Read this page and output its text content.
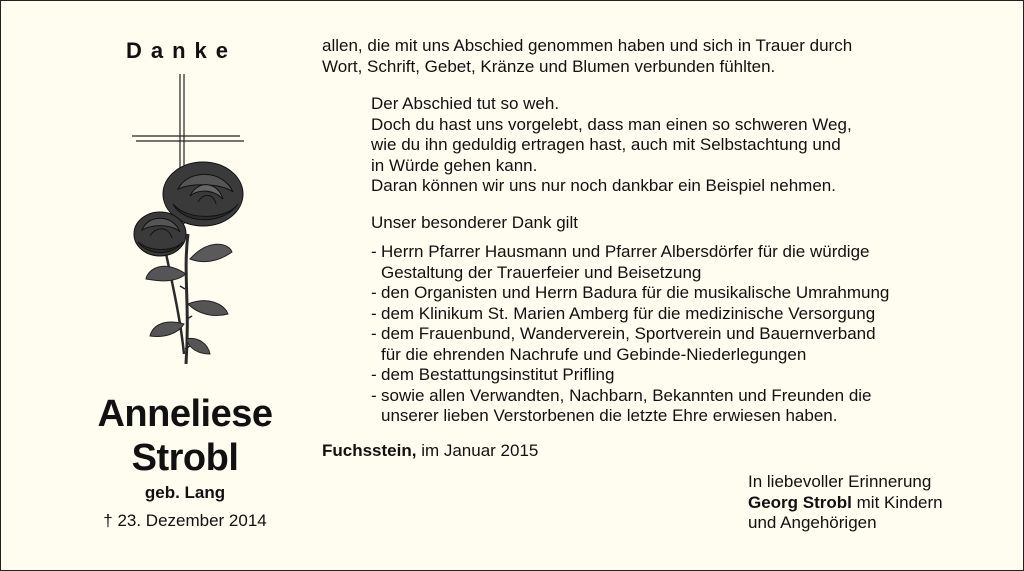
Danke
Anneliese
Strobl
geb. Lang
† 23. Dezember 2014
allen, die mit uns Abschied genommen haben und sich in Trauer durch
Wort, Schrift, Gebet, Kränze und Blumen verbunden fühlten.
Der Abschied tut so weh.
Doch du hast uns vorgelebt, dass man einen so schweren Weg,
wie du ihn geduldig ertragen hast, auch mit Selbstachtung und
in Würde gehen kann.
Daran können wir uns nur noch dankbar ein Beispiel nehmen.
Unser besonderer Dank gilt
- Herrn Pfarrer Hausmann und Pfarrer Albersdörfer für die würdige
Gestaltung der Trauerfeier und Beisetzung
- den Organisten und Herrn Badura für die musikalische Umrahmung
- dem Klinikum St. Marien Amberg für die medizinische Versorgung
- dem Frauenbund, Wanderverein, Sportverein und Bauernverband
für die ehrenden Nachrufe und Gebinde-Niederlegungen
- dem Bestattungsinstitut Prifling
- sowie allen Verwandten, Nachbarn, Bekannten und Freunden die
unserer lieben Verstorbenen die letzte Ehre erwiesen haben.
Fuchsstein, im Januar 2015
In liebevoller Erinnerung
Georg Strobl mit Kindern
und Angehörigen
